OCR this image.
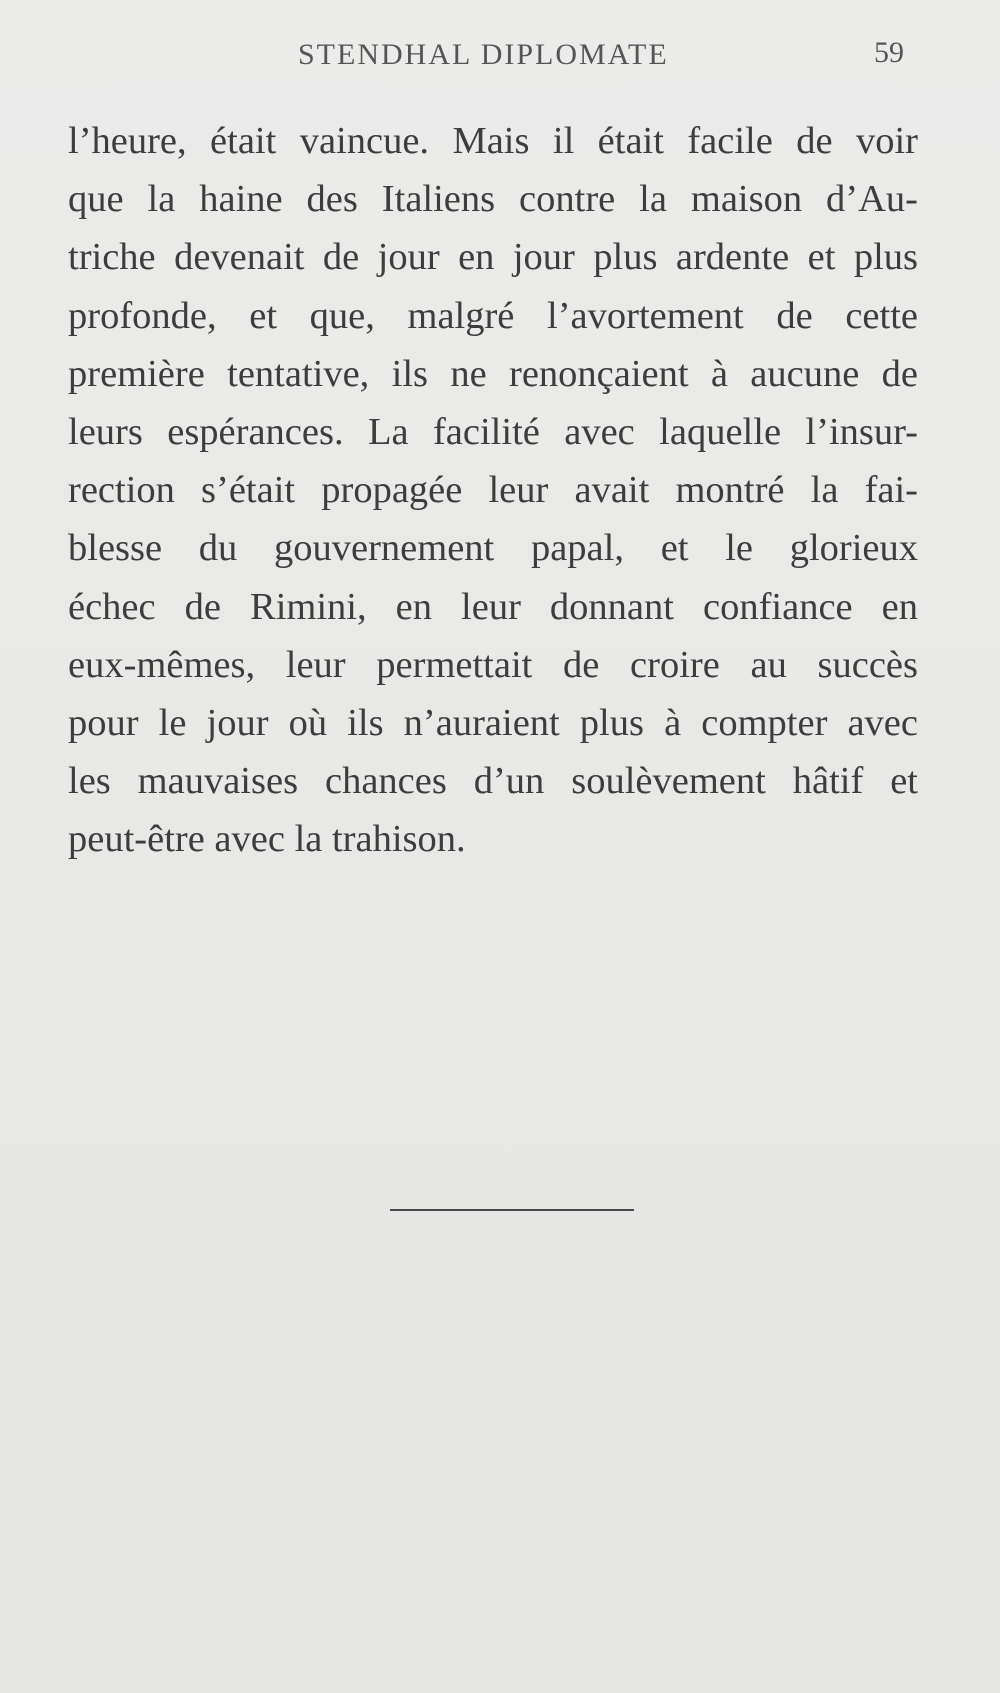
STENDHAL DIPLOMATE	59
l’heure, était vaincue. Mais il était facile de voir
que la haine des Italiens contre la maison d’Au-
triche devenait de jour en jour plus ardente et plus
profonde, et que, malgré l’avortement de cette
première tentative, ils ne renonçaient à aucune de
leurs espérances. La facilité avec laquelle l’insur-
rection s’était propagée leur avait montré la fai-
blesse du gouvernement papal, et le glorieux
échec de Rimini, en leur donnant confiance en
eux-mêmes, leur permettait de croire au succès
pour le jour où ils n’auraient plus à compter avec
les mauvaises chances d’un soulèvement hâtif et
peut-être avec la trahison.
